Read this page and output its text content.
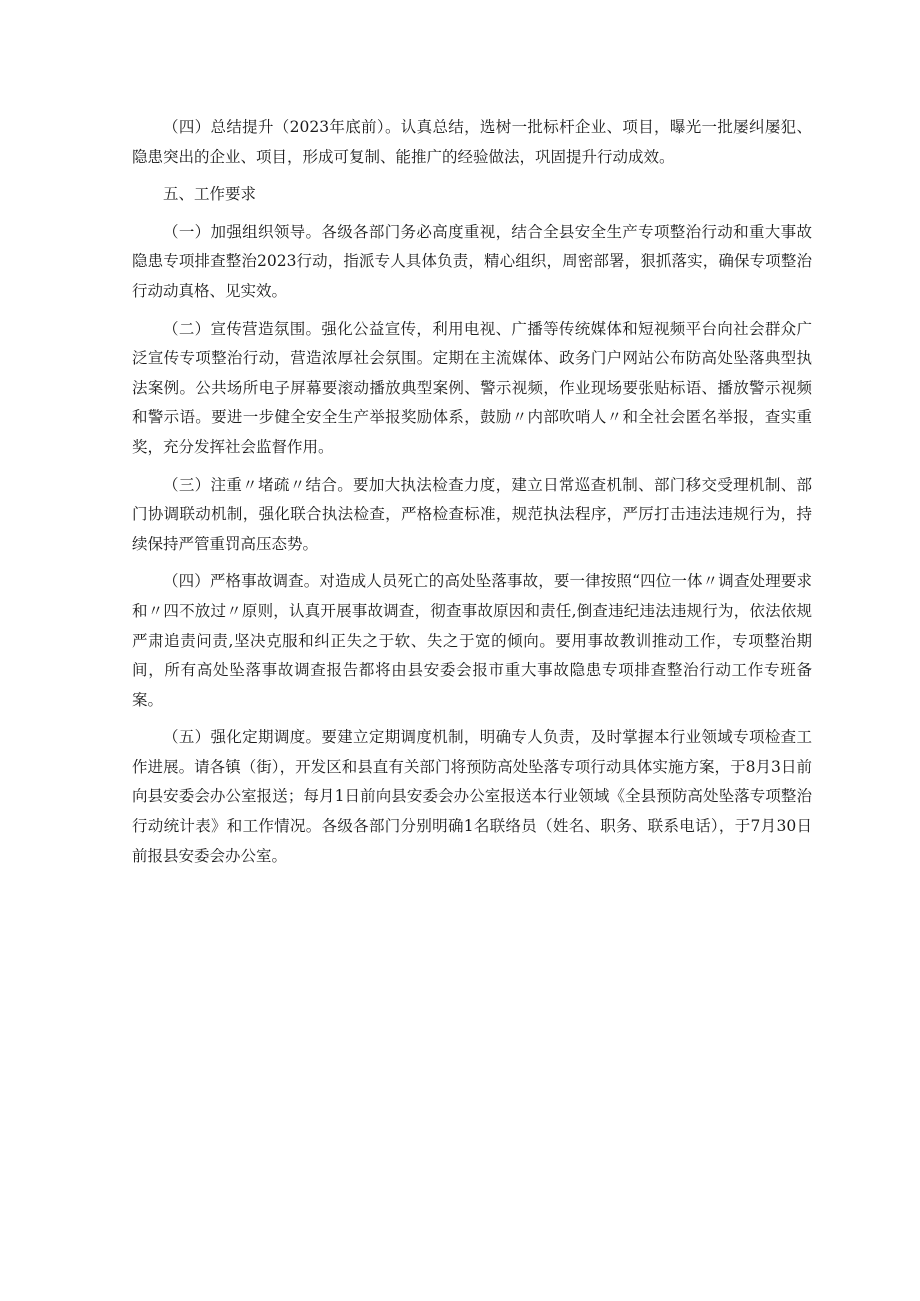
（四）总结提升（2023年底前）。认真总结，选树一批标杆企业、项目，曝光一批屡纠屡犯、隐患突出的企业、项目，形成可复制、能推广的经验做法，巩固提升行动成效。

五、工作要求

（一）加强组织领导。各级各部门务必高度重视，结合全县安全生产专项整治行动和重大事故隐患专项排查整治2023行动，指派专人具体负责，精心组织，周密部署，狠抓落实，确保专项整治行动动真格、见实效。

（二）宣传营造氛围。强化公益宣传，利用电视、广播等传统媒体和短视频平台向社会群众广泛宣传专项整治行动，营造浓厚社会氛围。定期在主流媒体、政务门户网站公布防高处坠落典型执法案例。公共场所电子屏幕要滚动播放典型案例、警示视频，作业现场要张贴标语、播放警示视频和警示语。要进一步健全安全生产举报奖励体系，鼓励〃内部吹哨人〃和全社会匿名举报，查实重奖，充分发挥社会监督作用。

（三）注重〃堵疏〃结合。要加大执法检查力度，建立日常巡查机制、部门移交受理机制、部门协调联动机制，强化联合执法检查，严格检查标准，规范执法程序，严厉打击违法违规行为，持续保持严管重罚高压态势。

（四）严格事故调查。对造成人员死亡的高处坠落事故，要一律按照“四位一体〃调查处理要求和〃四不放过〃原则，认真开展事故调查，彻查事故原因和责任,倒查违纪违法违规行为，依法依规严肃追责问责,坚决克服和纠正失之于软、失之于宽的倾向。要用事故教训推动工作，专项整治期间，所有高处坠落事故调查报告都将由县安委会报市重大事故隐患专项排查整治行动工作专班备案。

（五）强化定期调度。要建立定期调度机制，明确专人负责，及时掌握本行业领域专项检查工作进展。请各镇（街），开发区和县直有关部门将预防高处坠落专项行动具体实施方案，于8月3日前向县安委会办公室报送；每月1日前向县安委会办公室报送本行业领域《全县预防高处坠落专项整治行动统计表》和工作情况。各级各部门分别明确1名联络员（姓名、职务、联系电话），于7月30日前报县安委会办公室。
